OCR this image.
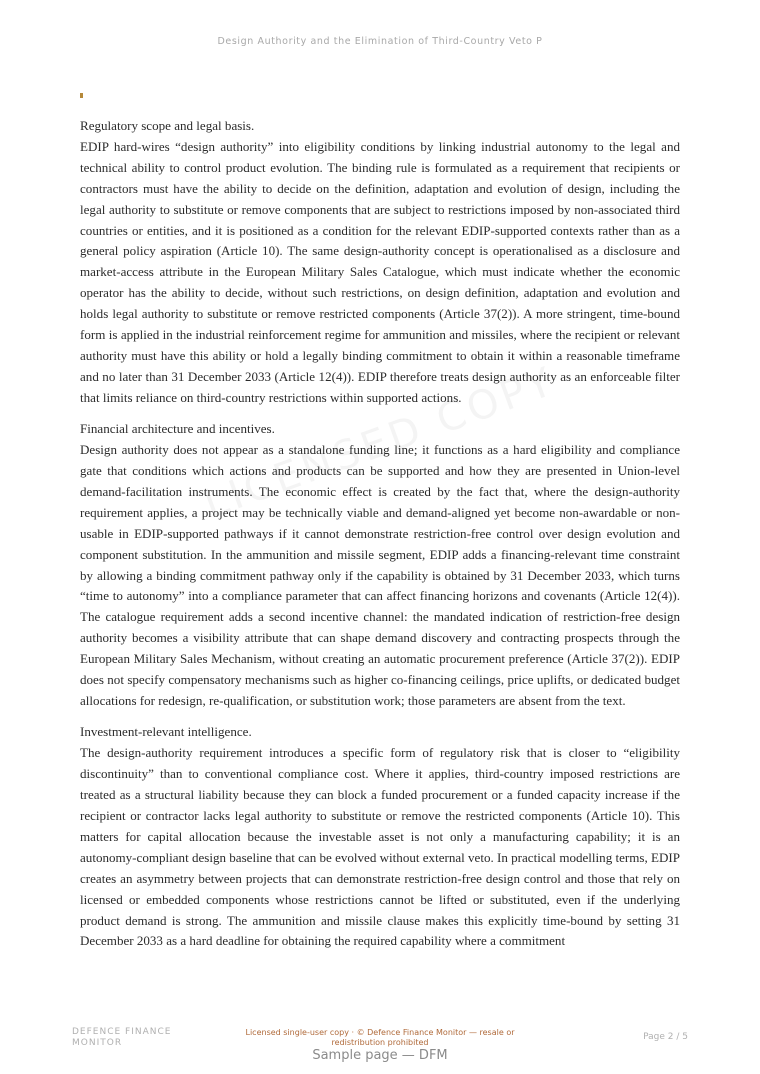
Design Authority and the Elimination of Third-Country Veto P

Regulatory scope and legal basis.

EDIP hard-wires “design authority” into eligibility conditions by linking industrial autonomy to the legal and technical ability to control product evolution. The binding rule is formulated as a requirement that recipients or contractors must have the ability to decide on the definition, adaptation and evolution of design, including the legal authority to substitute or remove components that are subject to restrictions imposed by non-associated third countries or entities, and it is positioned as a condition for the relevant EDIP-supported contexts rather than as a general policy aspiration (Article 10). The same design-authority concept is operationalised as a disclosure and market-access attribute in the European Military Sales Catalogue, which must indicate whether the economic operator has the ability to decide, without such restrictions, on design definition, adaptation and evolution and holds legal authority to substitute or remove restricted components (Article 37(2)). A more stringent, time-bound form is applied in the industrial reinforcement regime for ammunition and missiles, where the recipient or relevant authority must have this ability or hold a legally binding commitment to obtain it within a reasonable timeframe and no later than 31 December 2033 (Article 12(4)). EDIP therefore treats design authority as an enforceable filter that limits reliance on third-country restrictions within supported actions.

Financial architecture and incentives.

Design authority does not appear as a standalone funding line; it functions as a hard eligibility and compliance gate that conditions which actions and products can be supported and how they are presented in Union-level demand-facilitation instruments. The economic effect is created by the fact that, where the design-authority requirement applies, a project may be technically viable and demand-aligned yet become non-awardable or non-usable in EDIP-supported pathways if it cannot demonstrate restriction-free control over design evolution and component substitution. In the ammunition and missile segment, EDIP adds a financing-relevant time constraint by allowing a binding commitment pathway only if the capability is obtained by 31 December 2033, which turns “time to autonomy” into a compliance parameter that can affect financing horizons and covenants (Article 12(4)). The catalogue requirement adds a second incentive channel: the mandated indication of restriction-free design authority becomes a visibility attribute that can shape demand discovery and contracting prospects through the European Military Sales Mechanism, without creating an automatic procurement preference (Article 37(2)). EDIP does not specify compensatory mechanisms such as higher co-financing ceilings, price uplifts, or dedicated budget allocations for redesign, re-qualification, or substitution work; those parameters are absent from the text.

Investment-relevant intelligence.

The design-authority requirement introduces a specific form of regulatory risk that is closer to “eligibility discontinuity” than to conventional compliance cost. Where it applies, third-country imposed restrictions are treated as a structural liability because they can block a funded procurement or a funded capacity increase if the recipient or contractor lacks legal authority to substitute or remove the restricted components (Article 10). This matters for capital allocation because the investable asset is not only a manufacturing capability; it is an autonomy-compliant design baseline that can be evolved without external veto. In practical modelling terms, EDIP creates an asymmetry between projects that can demonstrate restriction-free design control and those that rely on licensed or embedded components whose restrictions cannot be lifted or substituted, even if the underlying product demand is strong. The ammunition and missile clause makes this explicitly time-bound by setting 31 December 2033 as a hard deadline for obtaining the required capability where a commitment

DEFENCE FINANCE MONITOR
Licensed single-user copy · © Defence Finance Monitor — resale or redistribution prohibited
Page 2 / 5
Sample page — DFM
